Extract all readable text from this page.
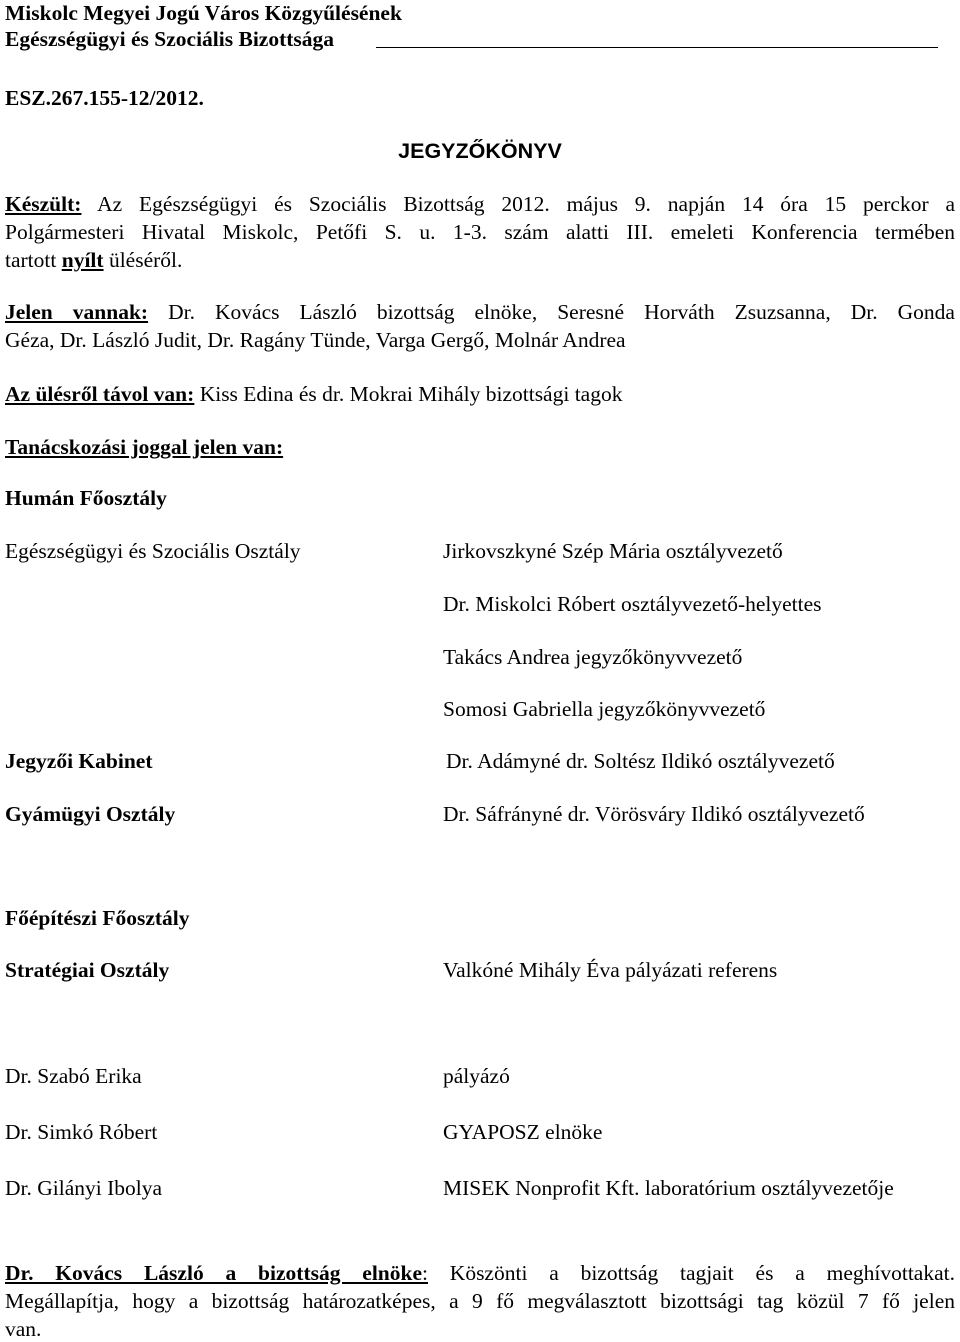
Miskolc Megyei Jogú Város Közgyűlésének
Egészségügyi és Szociális Bizottsága
ESZ.267.155-12/2012.
JEGYZŐKÖNYV
Készült: Az Egészségügyi és Szociális Bizottság 2012. május 9. napján 14 óra 15 perckor a
Polgármesteri Hivatal Miskolc, Petőfi S. u. 1-3. szám alatti III. emeleti Konferencia termében
tartott nyílt üléséről.
Jelen vannak: Dr. Kovács László bizottság elnöke, Seresné Horváth Zsuzsanna, Dr. Gonda
Géza, Dr. László Judit, Dr. Ragány Tünde, Varga Gergő, Molnár Andrea
Az ülésről távol van: Kiss Edina és dr. Mokrai Mihály bizottsági tagok
Tanácskozási joggal jelen van:
Humán Főosztály
Egészségügyi és Szociális Osztály	Jirkovszkyné Szép Mária osztályvezető
Dr. Miskolci Róbert osztályvezető-helyettes
Takács Andrea jegyzőkönyvvezető
Somosi Gabriella jegyzőkönyvvezető
Jegyzői Kabinet	Dr. Adámyné dr. Soltész Ildikó osztályvezető
Gyámügyi Osztály	Dr. Sáfrányné dr. Vörösváry Ildikó osztályvezető
Főépítészi Főosztály
Stratégiai Osztály	Valkóné Mihály Éva pályázati referens
Dr. Szabó Erika	pályázó
Dr. Simkó Róbert	GYAPOSZ elnöke
Dr. Gilányi Ibolya	MISEK Nonprofit Kft. laboratórium osztályvezetője
Dr. Kovács László a bizottság elnöke: Köszönti a bizottság tagjait és a meghívottakat.
Megállapítja, hogy a bizottság határozatképes, a 9 fő megválasztott bizottsági tag közül 7 fő jelen
van.
